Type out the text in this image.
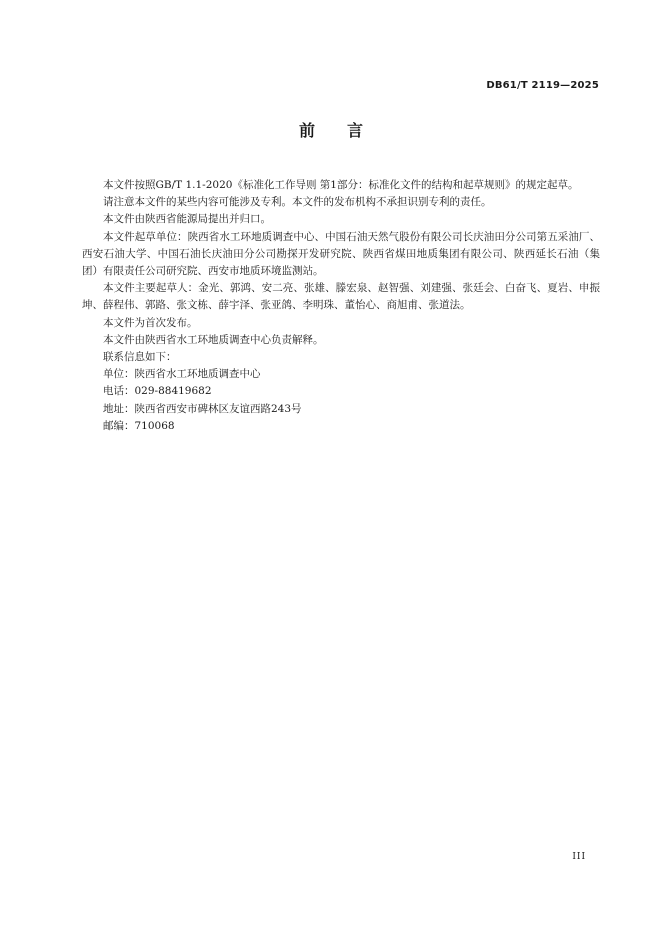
DB61/T 2119—2025
前言

本文件按照GB/T 1.1-2020《标准化工作导则 第1部分：标准化文件的结构和起草规则》的规定起草。

请注意本文件的某些内容可能涉及专利。本文件的发布机构不承担识别专利的责任。

本文件由陕西省能源局提出并归口。

本文件起草单位：陕西省水工环地质调查中心、中国石油天然气股份有限公司长庆油田分公司第五采油厂、西安石油大学、中国石油长庆油田分公司勘探开发研究院、陕西省煤田地质集团有限公司、陕西延长石油（集团）有限责任公司研究院、西安市地质环境监测站。

本文件主要起草人：金光、郭鸿、安二亮、张雄、滕宏泉、赵智强、刘建强、张廷会、白奋飞、夏岩、申振坤、薛程伟、郭路、张文栋、薛宇泽、张亚鸽、李明珠、董怡心、商旭甫、张道法。

本文件为首次发布。

本文件由陕西省水工环地质调查中心负责解释。

联系信息如下：

单位：陕西省水工环地质调查中心

电话：029-88419682

地址：陕西省西安市碑林区友谊西路243号

邮编：710068

III
